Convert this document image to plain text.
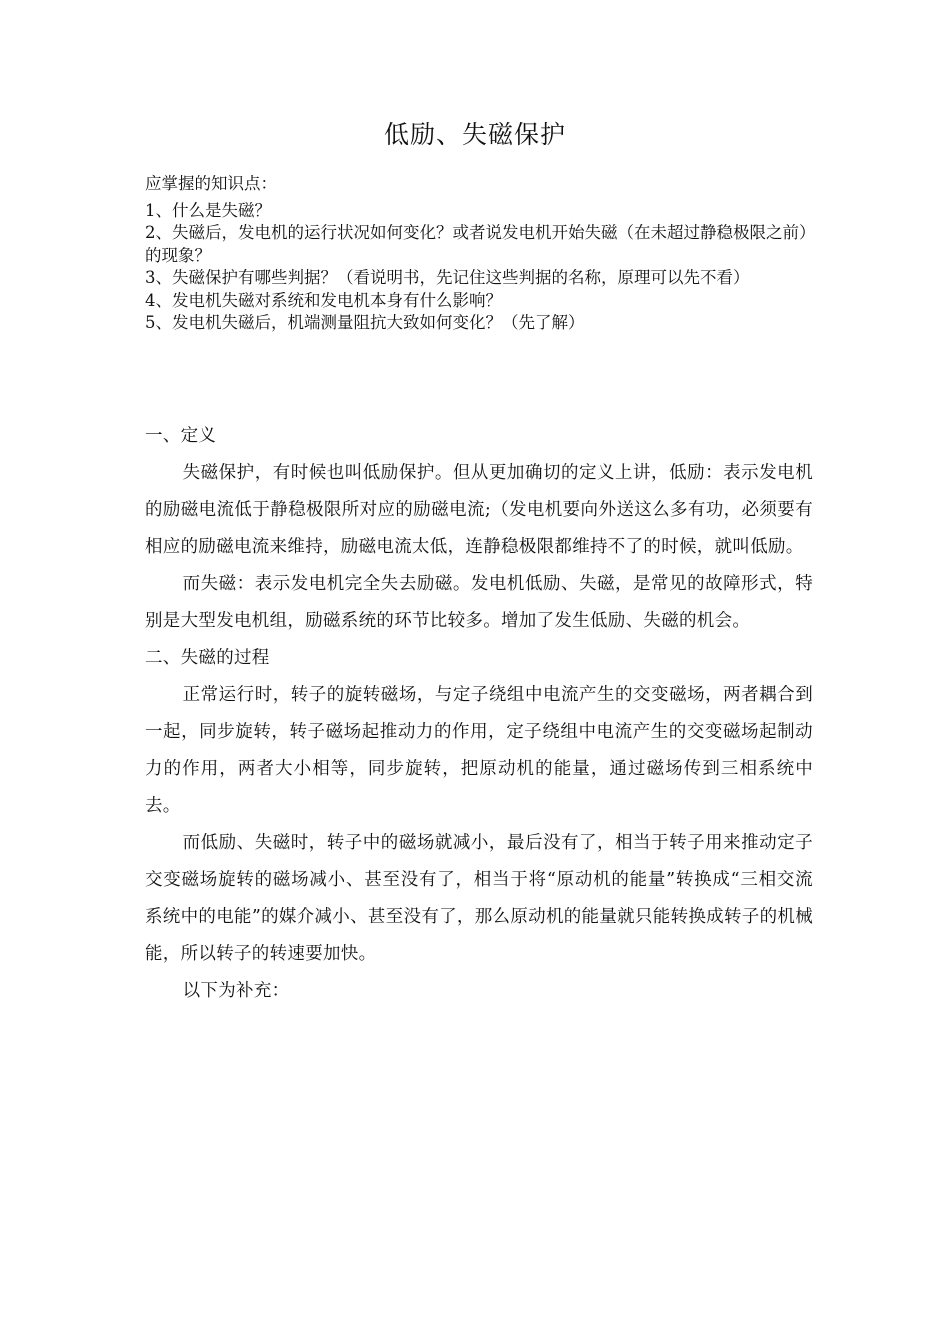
低励、失磁保护

应掌握的知识点：

1、什么是失磁？

2、失磁后，发电机的运行状况如何变化？或者说发电机开始失磁（在未超过静稳极限之前）的现象？

3、失磁保护有哪些判据？（看说明书，先记住这些判据的名称，原理可以先不看）

4、发电机失磁对系统和发电机本身有什么影响？

5、发电机失磁后，机端测量阻抗大致如何变化？（先了解）

一、定义

失磁保护，有时候也叫低励保护。但从更加确切的定义上讲，低励：表示发电机的励磁电流低于静稳极限所对应的励磁电流;（发电机要向外送这么多有功，必须要有相应的励磁电流来维持，励磁电流太低，连静稳极限都维持不了的时候，就叫低励。

而失磁：表示发电机完全失去励磁。发电机低励、失磁，是常见的故障形式，特别是大型发电机组，励磁系统的环节比较多。增加了发生低励、失磁的机会。

二、失磁的过程

正常运行时，转子的旋转磁场，与定子绕组中电流产生的交变磁场，两者耦合到一起，同步旋转，转子磁场起推动力的作用，定子绕组中电流产生的交变磁场起制动力的作用，两者大小相等，同步旋转，把原动机的能量，通过磁场传到三相系统中去。

而低励、失磁时，转子中的磁场就减小，最后没有了，相当于转子用来推动定子交变磁场旋转的磁场减小、甚至没有了，相当于将“原动机的能量”转换成“三相交流系统中的电能”的媒介减小、甚至没有了，那么原动机的能量就只能转换成转子的机械能，所以转子的转速要加快。

以下为补充：
